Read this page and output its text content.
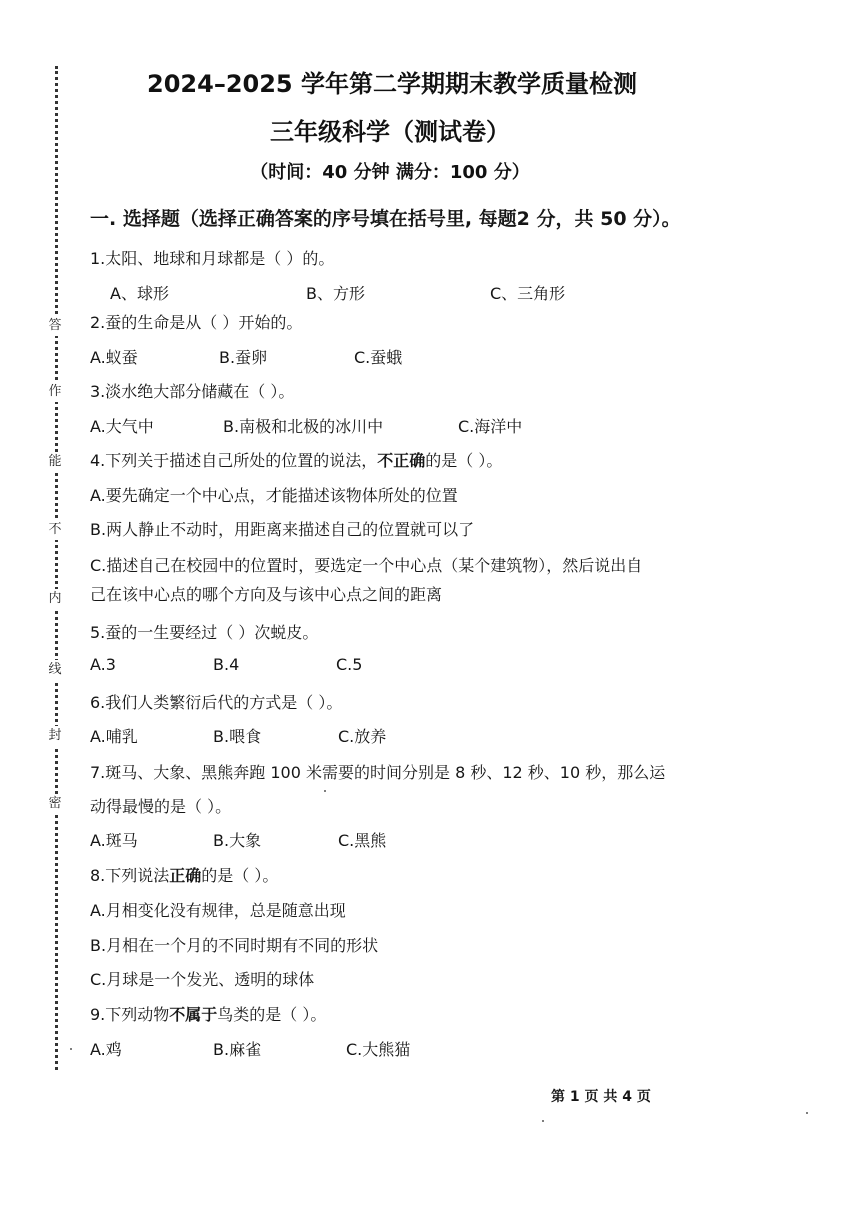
答
作
能
不
内
线
封
密
2024–2025 学年第二学期期末教学质量检测
三年级科学（测试卷）
（时间：40 分钟 满分：100 分）
一. 选择题（选择正确答案的序号填在括号里, 每题2 分，共 50 分）。
1.太阳、地球和月球都是（ ）的。
A、球形	B、方形	C、三角形
2.蚕的生命是从（ ）开始的。
A.蚁蚕	B.蚕卵	C.蚕蛾
3.淡水绝大部分储藏在（ ）。
A.大气中	B.南极和北极的冰川中	C.海洋中
4.下列关于描述自己所处的位置的说法，不正确的是（ ）。
A.要先确定一个中心点，才能描述该物体所处的位置
B.两人静止不动时，用距离来描述自己的位置就可以了
C.描述自己在校园中的位置时，要选定一个中心点（某个建筑物），然后说出自
己在该中心点的哪个方向及与该中心点之间的距离
5.蚕的一生要经过（ ）次蜕皮。
A.3	B.4	C.5
6.我们人类繁衍后代的方式是（ ）。
A.哺乳	B.喂食	C.放养
7.斑马、大象、黑熊奔跑 100 米需要的时间分别是 8 秒、12 秒、10 秒，那么运
动得最慢的是（ ）。
A.斑马	B.大象	C.黑熊
8.下列说法正确的是（ ）。
A.月相变化没有规律，总是随意出现
B.月相在一个月的不同时期有不同的形状
C.月球是一个发光、透明的球体
9.下列动物不属于鸟类的是（ ）。
A.鸡	B.麻雀	C.大熊猫
第 1 页 共 4 页
